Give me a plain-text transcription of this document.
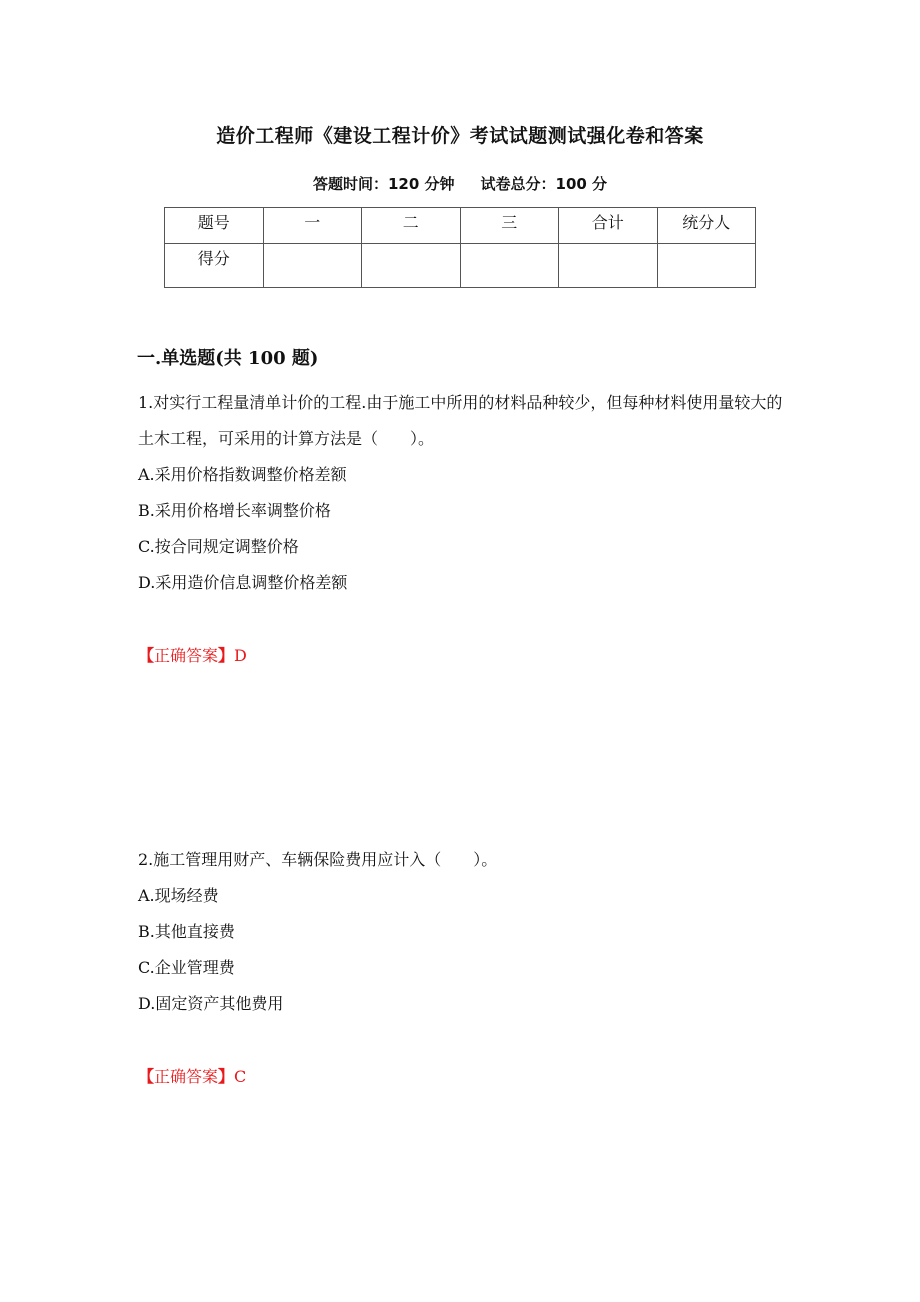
造价工程师《建设工程计价》考试试题测试强化卷和答案
答题时间：120 分钟 试卷总分：100 分
题号	一	二	三	合计	统分人
得分					
一.单选题(共 100 题)

1.对实行工程量清单计价的工程.由于施工中所用的材料品种较少，但每种材料使用量较大的土木工程，可采用的计算方法是（　　）。

A.采用价格指数调整价格差额

B.采用价格增长率调整价格

C.按合同规定调整价格

D.采用造价信息调整价格差额

【正确答案】D

2.施工管理用财产、车辆保险费用应计入（　　）。

A.现场经费

B.其他直接费

C.企业管理费

D.固定资产其他费用

【正确答案】C
